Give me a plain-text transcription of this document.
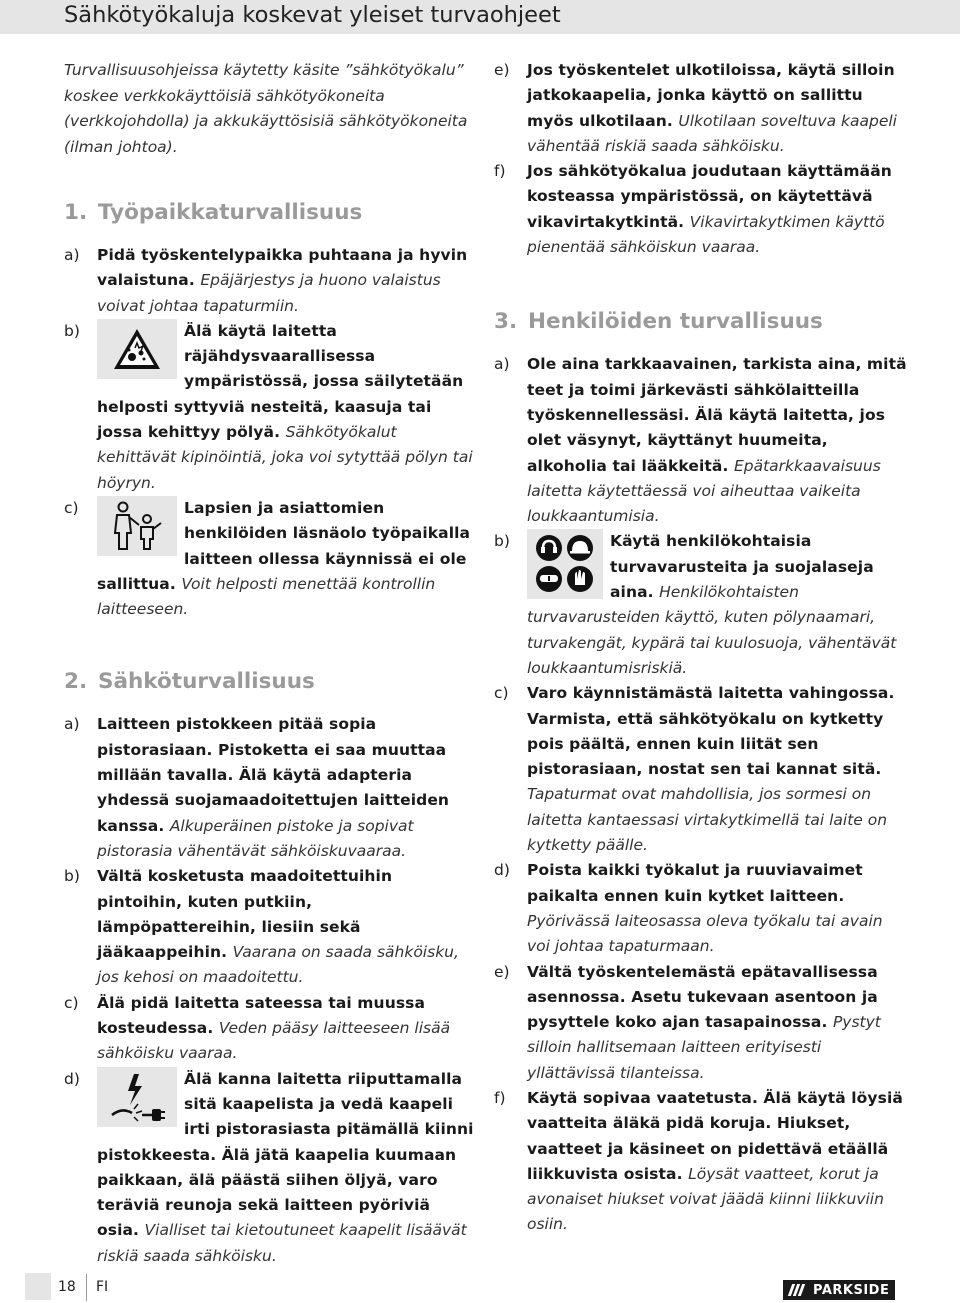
Sähkötyökaluja koskevat yleiset turvaohjeet

Turvallisuusohjeissa käytetty käsite ”sähkötyökalu” koskee verkkokäyttöisiä sähkötyökoneita (verkkojohdolla) ja akkukäyttösisiä sähkötyökoneita (ilman johtoa).

1. Työpaikkaturvallisuus
a) Pidä työskentelypaikka puhtaana ja hyvin valaistuna. Epäjärjestys ja huono valaistus voivat johtaa tapaturmiin.
b)	Älä käytä laitetta räjähdysvaarallisessa ympäristössä, jossa säilytetään helposti syttyviä nesteitä, kaasuja tai jossa kehittyy pölyä. Sähkötyökalut kehittävät kipinöintiä, joka voi sytyttää pölyn tai höyryn.
c)	Lapsien ja asiattomien henkilöiden läsnäolo työpaikalla laitteen ollessa käynnissä ei ole sallittua. Voit helposti menettää kontrollin laitteeseen.
2. Sähköturvallisuus
a) Laitteen pistokkeen pitää sopia pistorasiaan. Pistoketta ei saa muuttaa millään tavalla. Älä käytä adapteria yhdessä suojamaadoitettujen laitteiden kanssa. Alkuperäinen pistoke ja sopivat pistorasia vähentävät sähköiskuvaaraa.
b) Vältä kosketusta maadoitettuihin pintoihin, kuten putkiin, lämpöpattereihin, liesiin sekä jääkaappeihin. Vaarana on saada sähköisku, jos kehosi on maadoitettu.
c) Älä pidä laitetta sateessa tai muussa kosteudessa. Veden pääsy laitteeseen lisää sähköisku vaaraa.
d)	Älä kanna laitetta riiputtamalla sitä kaapelista ja vedä kaapeli irti pistorasiasta pitämällä kiinni pistokkeesta. Älä jätä kaapelia kuumaan paikkaan, älä päästä siihen öljyä, varo teräviä reunoja sekä laitteen pyöriviä osia. Vialliset tai kietoutuneet kaapelit lisäävät riskiä saada sähköisku.
e) Jos työskentelet ulkotiloissa, käytä silloin jatkokaapelia, jonka käyttö on sallittu myös ulkotilaan. Ulkotilaan soveltuva kaapeli vähentää riskiä saada sähköisku.
f) Jos sähkötyökalua joudutaan käyttämään kosteassa ympäristössä, on käytettävä vikavirtakytkintä. Vikavirtakytkimen käyttö pienentää sähköiskun vaaraa.
3. Henkilöiden turvallisuus
a) Ole aina tarkkaavainen, tarkista aina, mitä teet ja toimi järkevästi sähkölaitteilla työskennellessäsi. Älä käytä laitetta, jos olet väsynyt, käyttänyt huumeita, alkoholia tai lääkkeitä. Epätarkkaavaisuus laitetta käytettäessä voi aiheuttaa vaikeita loukkaantumisia.
b)	Käytä henkilökohtaisia turvavarusteita ja suojalaseja aina. Henkilökohtaisten turvavarusteiden käyttö, kuten pölynaamari, turvakengät, kypärä tai kuulosuoja, vähentävät loukkaantumisriskiä.
c) Varo käynnistämästä laitetta vahingossa. Varmista, että sähkötyökalu on kytketty pois päältä, ennen kuin liität sen pistorasiaan, nostat sen tai kannat sitä. Tapaturmat ovat mahdollisia, jos sormesi on laitetta kantaessasi virtakytkimellä tai laite on kytketty päälle.
d) Poista kaikki työkalut ja ruuviavaimet paikalta ennen kuin kytket laitteen. Pyörivässä laiteosassa oleva työkalu tai avain voi johtaa tapaturmaan.
e) Vältä työskentelemästä epätavallisessa asennossa. Asetu tukevaan asentoon ja pysyttele koko ajan tasapainossa. Pystyt silloin hallitsemaan laitteen erityisesti yllättävissä tilanteissa.
f) Käytä sopivaa vaatetusta. Älä käytä löysiä vaatteita äläkä pidä koruja. Hiukset, vaatteet ja käsineet on pidettävä etäällä liikkuvista osista. Löysät vaatteet, korut ja avonaiset hiukset voivat jäädä kiinni liikkuviin osiin.
18 FI	PARKSIDE
